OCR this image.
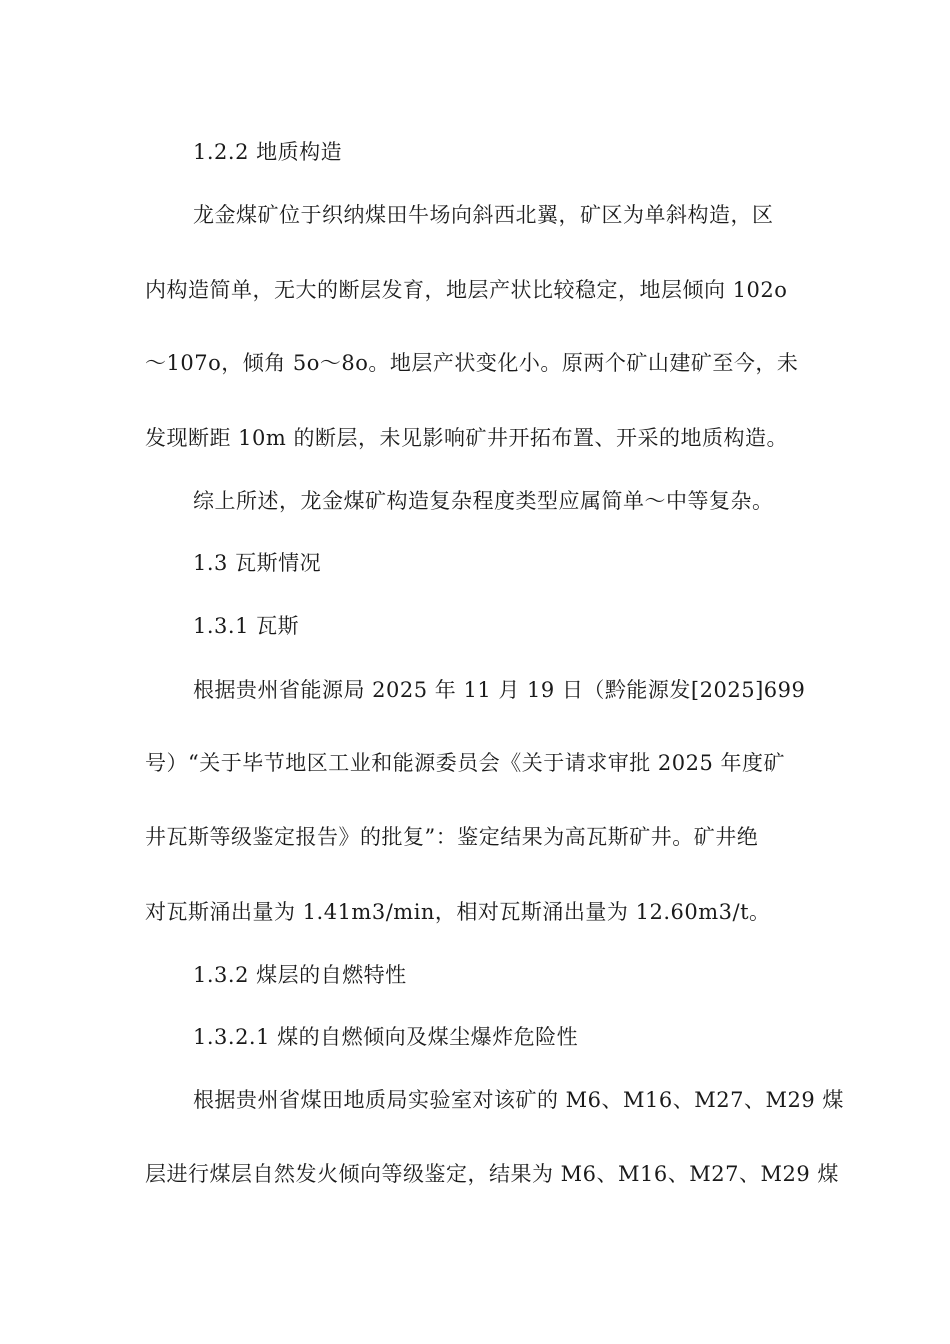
1.2.2 地质构造

龙金煤矿位于织纳煤田牛场向斜西北翼，矿区为单斜构造，区

内构造简单，无大的断层发育，地层产状比较稳定，地层倾向 102o

～107o，倾角 5o～8o。地层产状变化小。原两个矿山建矿至今，未

发现断距 10m 的断层，未见影响矿井开拓布置、开采的地质构造。

综上所述，龙金煤矿构造复杂程度类型应属简单～中等复杂。

1.3 瓦斯情况

1.3.1 瓦斯

根据贵州省能源局 2025 年 11 月 19 日（黔能源发[2025]699

号）“关于毕节地区工业和能源委员会《关于请求审批 2025 年度矿

井瓦斯等级鉴定报告》的批复”：鉴定结果为高瓦斯矿井。矿井绝

对瓦斯涌出量为 1.41m3/min，相对瓦斯涌出量为 12.60m3/t。

1.3.2 煤层的自燃特性

1.3.2.1 煤的自燃倾向及煤尘爆炸危险性

根据贵州省煤田地质局实验室对该矿的 M6、M16、M27、M29 煤

层进行煤层自然发火倾向等级鉴定，结果为 M6、M16、M27、M29 煤
